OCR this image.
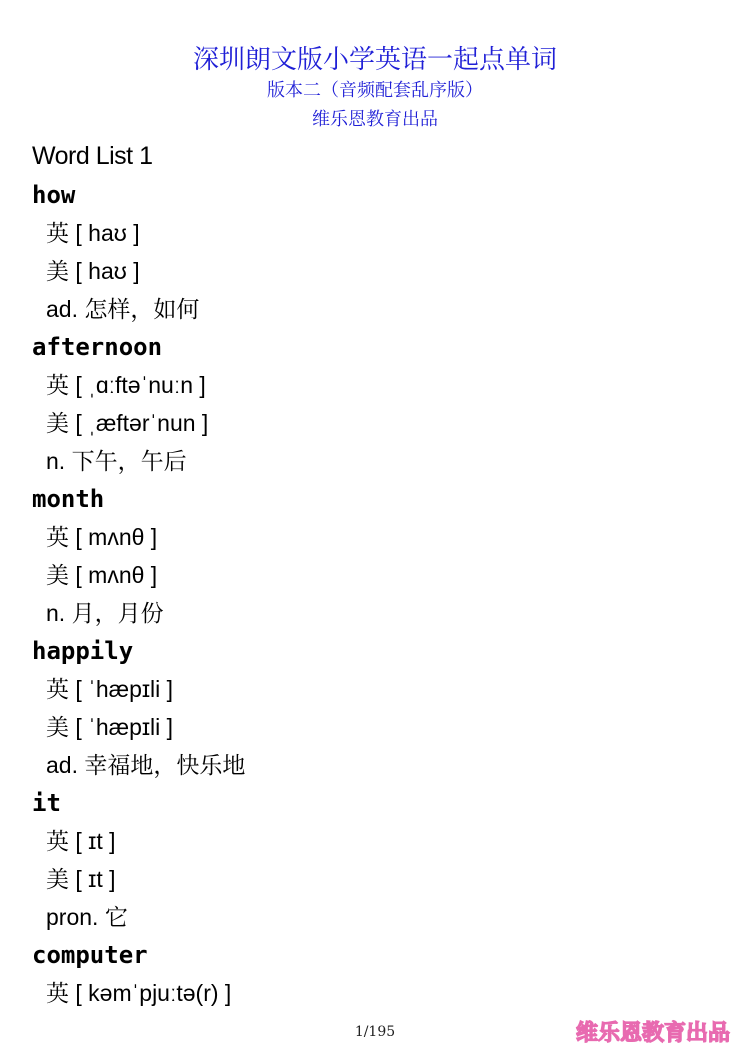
深圳朗文版小学英语一起点单词
版本二（音频配套乱序版）
维乐恩教育出品
Word List 1
how
英 [ haʊ ]
美 [ haʊ ]
ad. 怎样，如何
afternoon
英 [ ˌɑːftəˈnuːn ]
美 [ ˌæftərˈnun ]
n. 下午，午后
month
英 [ mʌnθ ]
美 [ mʌnθ ]
n. 月，月份
happily
英 [ ˈhæpɪli ]
美 [ ˈhæpɪli ]
ad. 幸福地，快乐地
it
英 [ ɪt ]
美 [ ɪt ]
pron. 它
computer
英 [ kəmˈpjuːtə(r) ]
1/195	维乐恩教育出品
